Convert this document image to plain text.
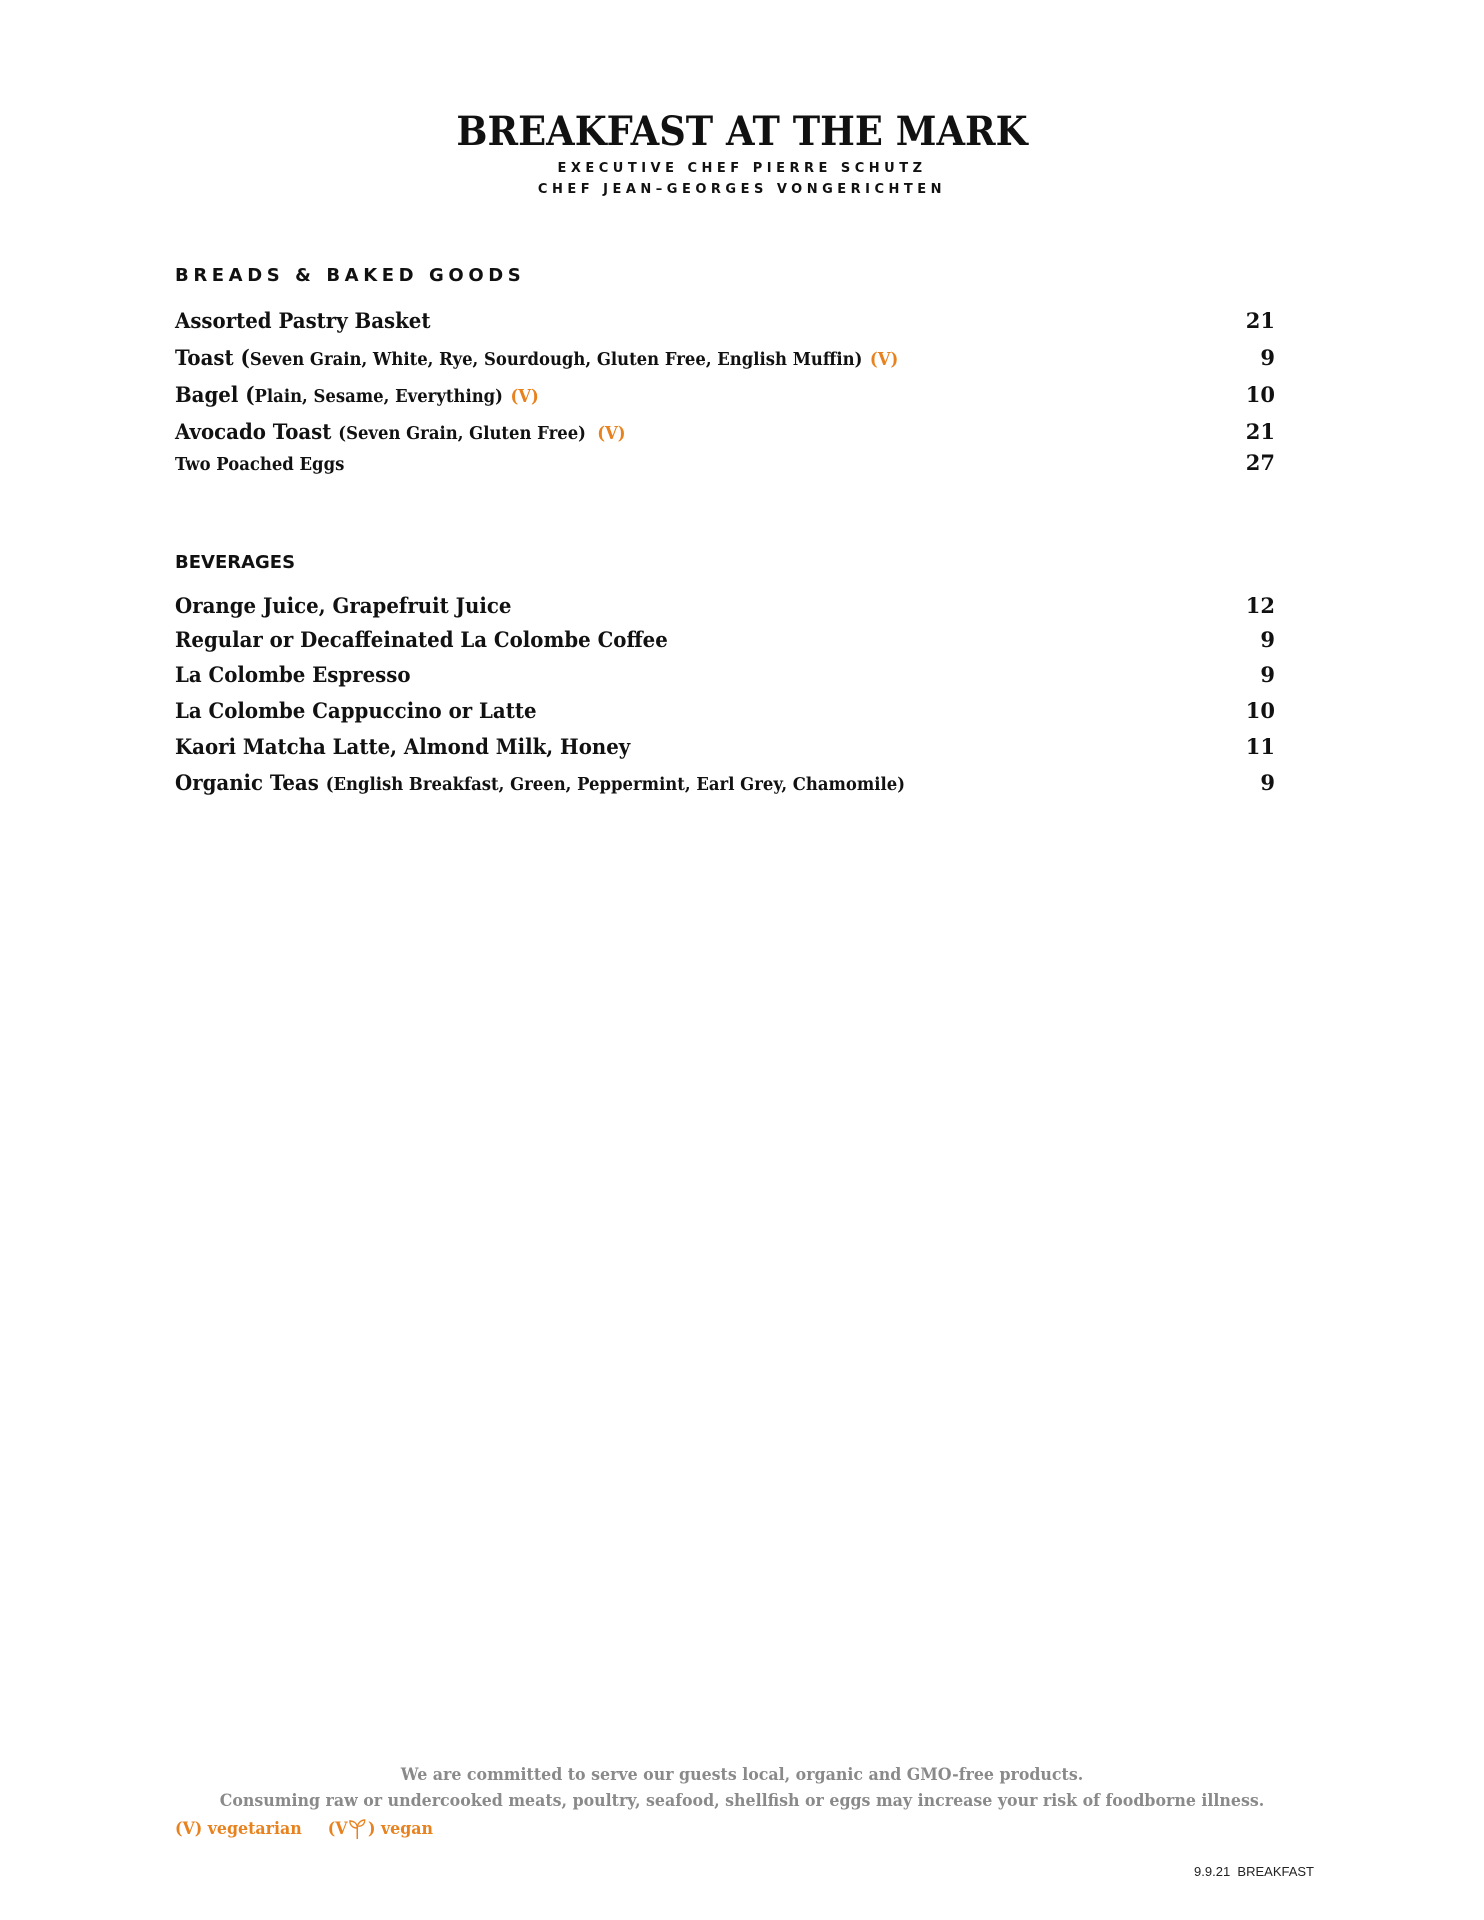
BREAKFAST AT THE MARK
EXECUTIVE CHEF PIERRE SCHUTZ
CHEF JEAN–GEORGES VONGERICHTEN
BREADS & BAKED GOODS
Assorted Pastry Basket	21
Toast (Seven Grain, White, Rye, Sourdough, Gluten Free, English Muffin) (V)	9
Bagel (Plain, Sesame, Everything) (V)	10
Avocado Toast (Seven Grain, Gluten Free) (V)	21
Two Poached Eggs	27
BEVERAGES
Orange Juice, Grapefruit Juice	12
Regular or Decaffeinated La Colombe Coffee	9
La Colombe Espresso	9
La Colombe Cappuccino or Latte	10
Kaori Matcha Latte, Almond Milk, Honey	11
Organic Teas (English Breakfast, Green, Peppermint, Earl Grey, Chamomile)	9
We are committed to serve our guests local, organic and GMO-free products.
Consuming raw or undercooked meats, poultry, seafood, shellfish or eggs may increase your risk of foodborne illness.
(V) vegetarian (V ) vegan
9.9.21  BREAKFAST
